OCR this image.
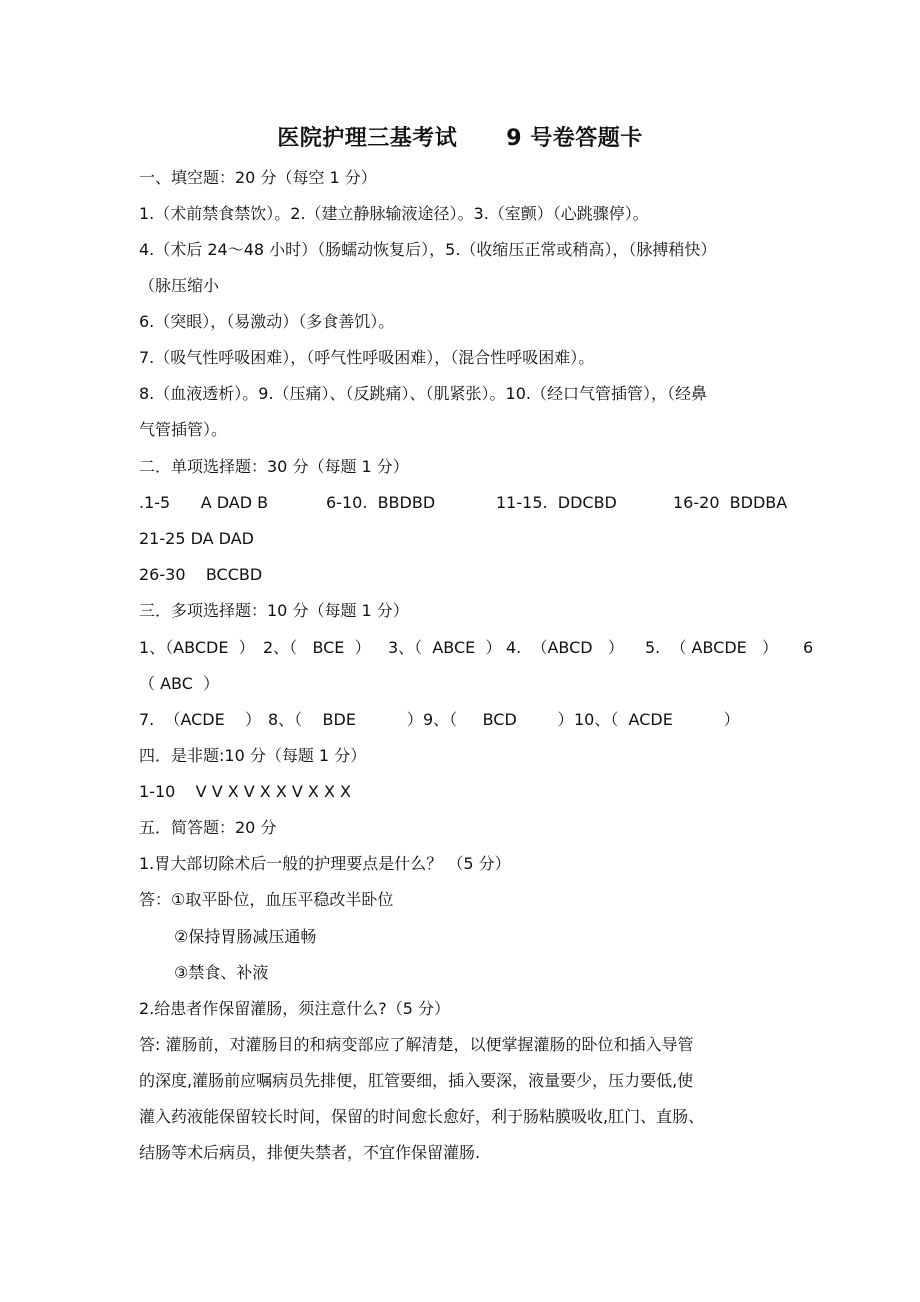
医院护理三基考试      9 号卷答题卡
一、填空题：20 分（每空 1 分）
1.（术前禁食禁饮）。2.（建立静脉输液途径）。3.（室颤）（心跳骤停）。
4.（术后 24～48 小时）（肠蠕动恢复后），5.（收缩压正常或稍高），（脉搏稍快）
（脉压缩小
6.（突眼），（易激动）（多食善饥）。
7.（吸气性呼吸困难），（呼气性呼吸困难），（混合性呼吸困难）。
8.（血液透析）。9.（压痛）、（反跳痛）、（肌紧张）。10.（经口气管插管），（经鼻
气管插管）。
二．单项选择题：30 分（每题 1 分）
.1-5      A DAD B	6-10.  BBDBD	11-15.  DDCBD	16-20  BDDBA
21-25 DA DAD
26-30    BCCBD
三．多项选择题：10 分（每题 1 分）
1、（ABCDE  ） 2、（   BCE  ） 3、（  ABCE  ） 4.  （ABCD   ） 5.  （ ABCDE   ） 6
（ ABC  ）
7.  （ACDE    ） 8、（    BDE          ） 9、（     BCD        ） 10、（  ACDE          ）
四．是非题:10 分（每题 1 分）
1-10    V V X V X X V X X X
五．简答题：20 分
1.胃大部切除术后一般的护理要点是什么？ （5 分）
答：①取平卧位，血压平稳改半卧位
②保持胃肠减压通畅
③禁食、补液
2.给患者作保留灌肠，须注意什么?（5 分）
答: 灌肠前，对灌肠目的和病变部应了解清楚，以便掌握灌肠的卧位和插入导管
的深度,灌肠前应嘱病员先排便，肛管要细，插入要深，液量要少，压力要低,使
灌入药液能保留较长时间，保留的时间愈长愈好，利于肠粘膜吸收,肛门、直肠、
结肠等术后病员，排便失禁者，不宜作保留灌肠.
